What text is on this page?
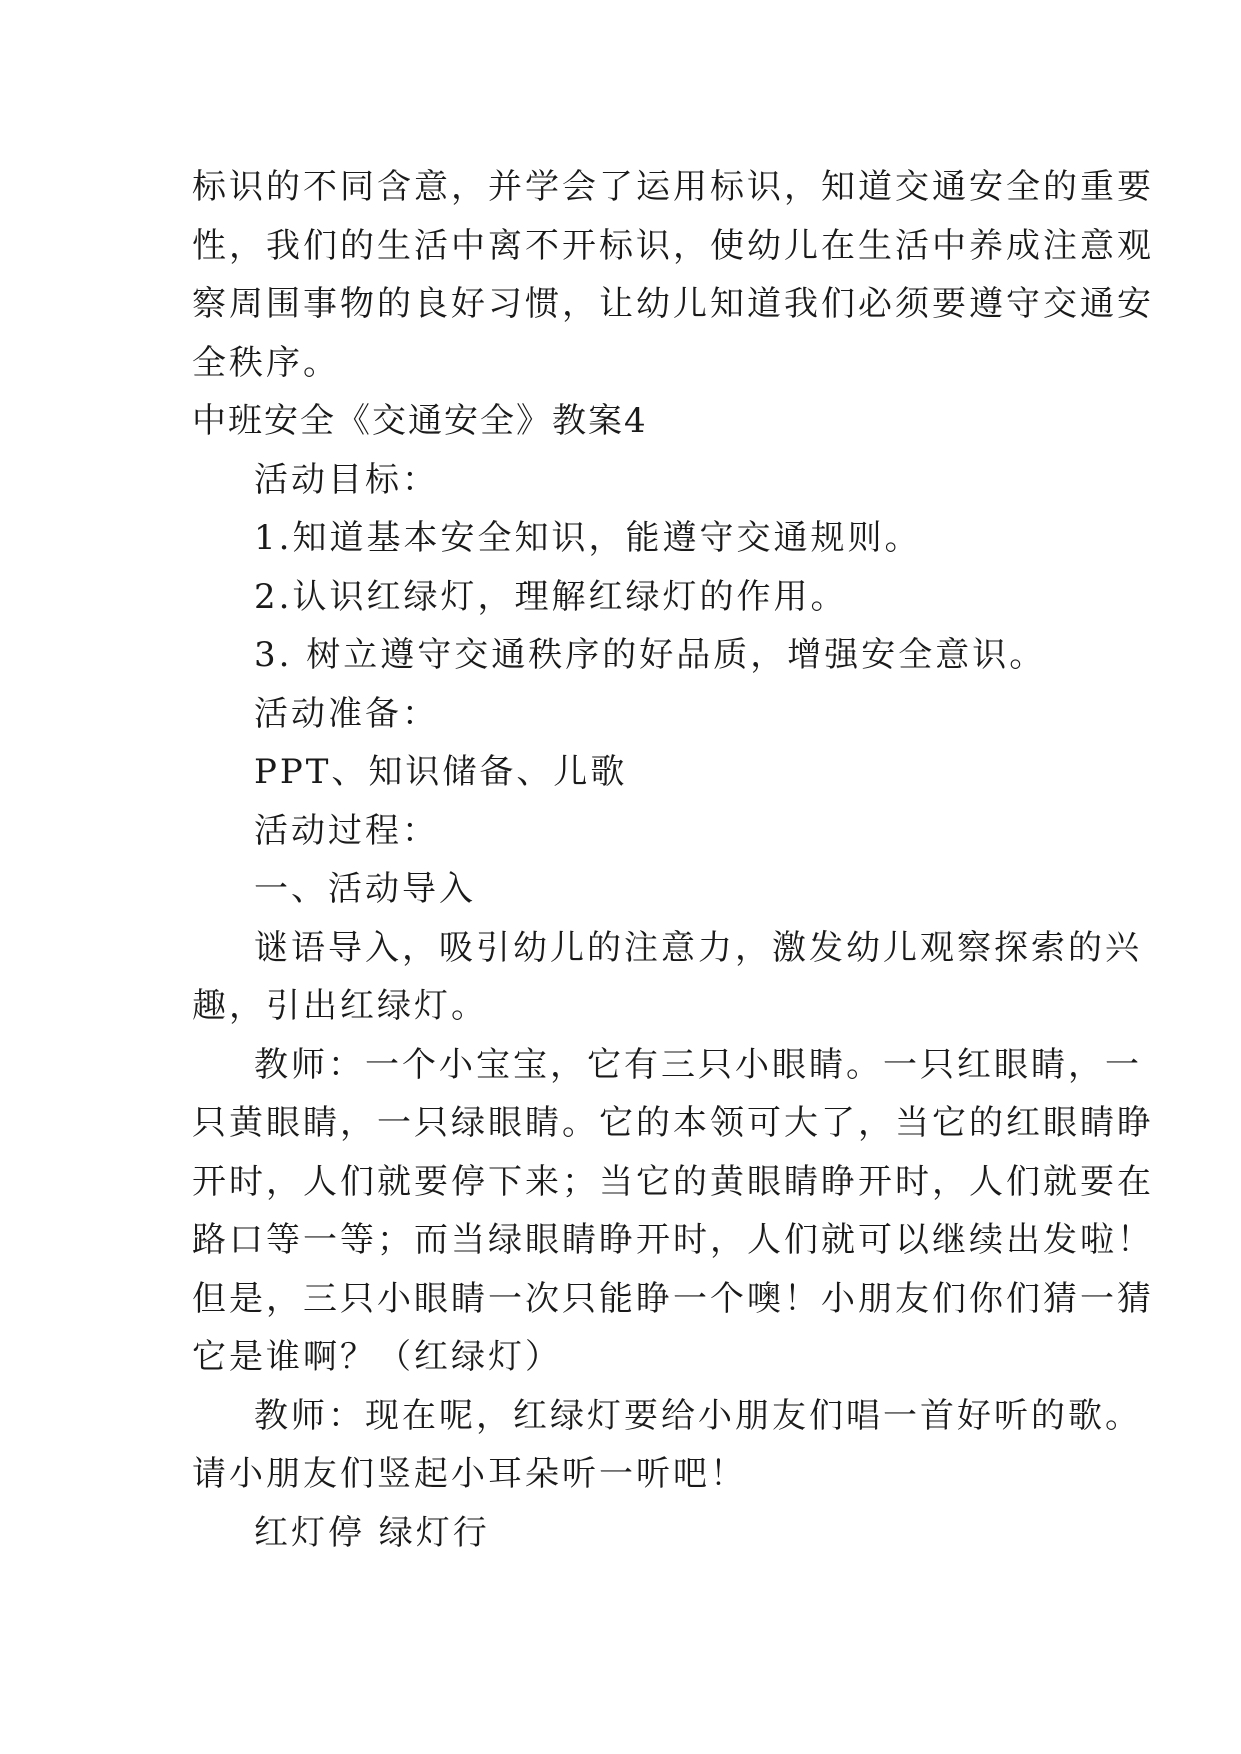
标识的不同含意，并学会了运用标识，知道交通安全的重要
性，我们的生活中离不开标识，使幼儿在生活中养成注意观
察周围事物的良好习惯，让幼儿知道我们必须要遵守交通安
全秩序。
中班安全《交通安全》教案4
活动目标：
1.知道基本安全知识，能遵守交通规则。
2.认识红绿灯，理解红绿灯的作用。
3. 树立遵守交通秩序的好品质，增强安全意识。
活动准备：
PPT、知识储备、儿歌
活动过程：
一、活动导入
谜语导入，吸引幼儿的注意力，激发幼儿观察探索的兴
趣，引出红绿灯。
教师：一个小宝宝，它有三只小眼睛。一只红眼睛，一
只黄眼睛，一只绿眼睛。它的本领可大了，当它的红眼睛睁
开时，人们就要停下来；当它的黄眼睛睁开时，人们就要在
路口等一等；而当绿眼睛睁开时，人们就可以继续出发啦！
但是，三只小眼睛一次只能睁一个噢！小朋友们你们猜一猜
它是谁啊？（红绿灯）
教师：现在呢，红绿灯要给小朋友们唱一首好听的歌。
请小朋友们竖起小耳朵听一听吧！
红灯停 绿灯行
